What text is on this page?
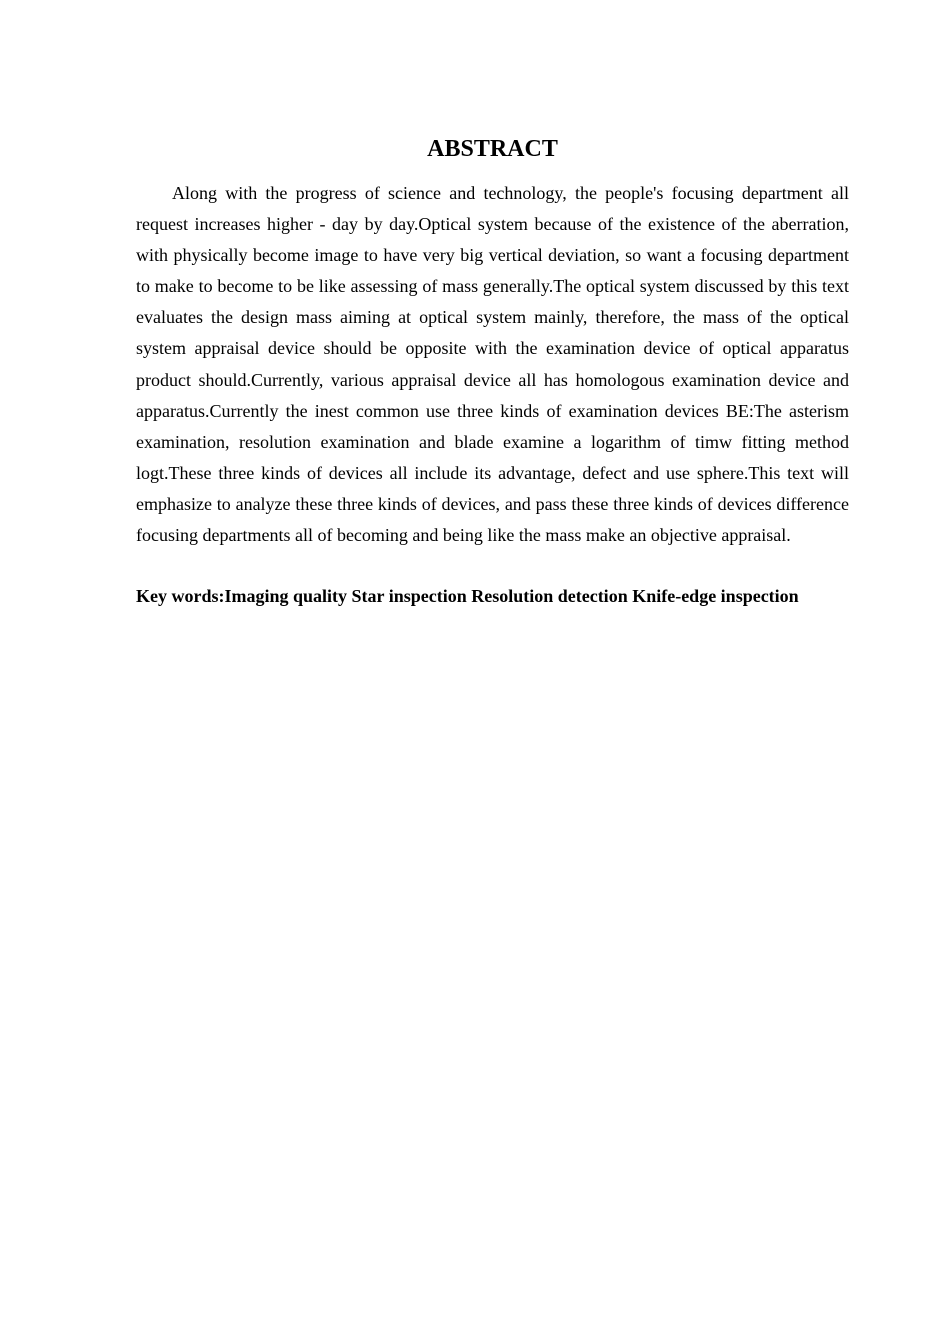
ABSTRACT

Along with the progress of science and technology, the people's focusing department all request increases higher - day by day.Optical system because of the existence of the aberration, with physically become image to have very big vertical deviation, so want a focusing department to make to become to be like assessing of mass generally.The optical system discussed by this text evaluates the design mass aiming at optical system mainly, therefore, the mass of the optical system appraisal device should be opposite with the examination device of optical apparatus product should.Currently, various appraisal device all has homologous examination device and apparatus.Currently the inest common use three kinds of examination devices BE:The asterism examination, resolution examination and blade examine a logarithm of timw fitting method logt.These three kinds of devices all include its advantage, defect and use sphere.This text will emphasize to analyze these three kinds of devices, and pass these three kinds of devices difference focusing departments all of becoming and being like the mass make an objective appraisal.

Key words:Imaging quality Star inspection Resolution detection Knife-edge inspection
